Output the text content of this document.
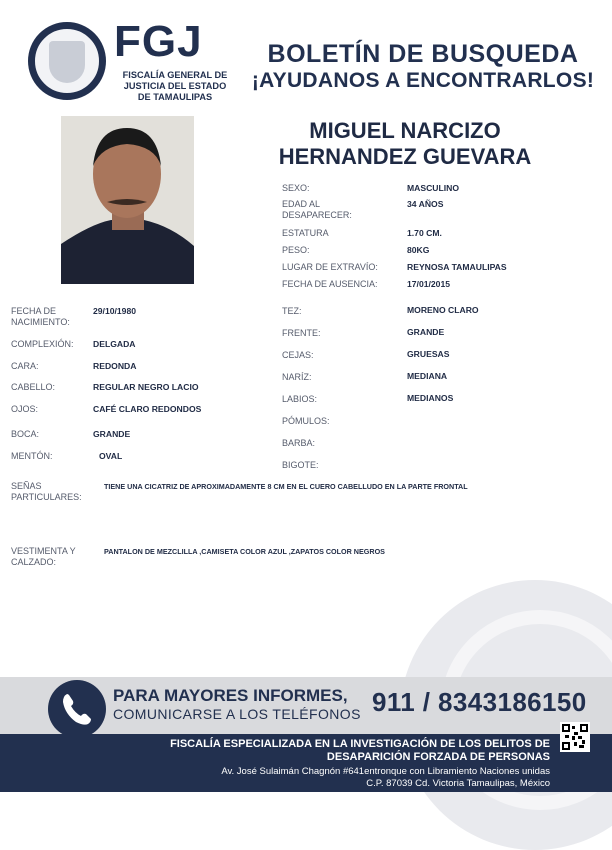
FGJ
FISCALÍA GENERAL DE
JUSTICIA DEL ESTADO
DE TAMAULIPAS
BOLETÍN DE BUSQUEDA
¡AYUDANOS A ENCONTRARLOS!
MIGUEL NARCIZO
HERNANDEZ GUEVARA
SEXO:	MASCULINO
EDAD AL DESAPARECER:
34 AÑOS
ESTATURA	1.70 CM.
PESO:	80KG
LUGAR DE EXTRAVÍO:	REYNOSA TAMAULIPAS
FECHA DE AUSENCIA:	17/01/2015
FECHA DE NACIMIENTO:
29/10/1980
COMPLEXIÓN: DELGADA
CARA:	REDONDA
CABELLO:	REGULAR NEGRO LACIO
OJOS:	CAFÉ CLARO REDONDOS
BOCA:	GRANDE
MENTÓN:	OVAL
TEZ:	MORENO CLARO
FRENTE:	GRANDE
CEJAS:	GRUESAS
NARÍZ:	MEDIANA
LABIOS:	MEDIANOS
PÓMULOS:
BARBA:
BIGOTE:
SEÑAS PARTICULARES:
TIENE UNA CICATRIZ DE APROXIMADAMENTE 8 CM EN EL CUERO CABELLUDO EN LA PARTE FRONTAL
VESTIMENTA Y CALZADO:
PANTALON DE MEZCLILLA ,CAMISETA COLOR AZUL ,ZAPATOS COLOR NEGROS
PARA MAYORES INFORMES,
COMUNICARSE A LOS TELÉFONOS 911 / 8343186150
FISCALÍA ESPECIALIZADA EN LA INVESTIGACIÓN DE LOS DELITOS DE
DESAPARICIÓN FORZADA DE PERSONAS
Av. José Sulaimán Chagnón #641entronque con Libramiento Naciones unidas
C.P. 87039 Cd. Victoria Tamaulipas, México
